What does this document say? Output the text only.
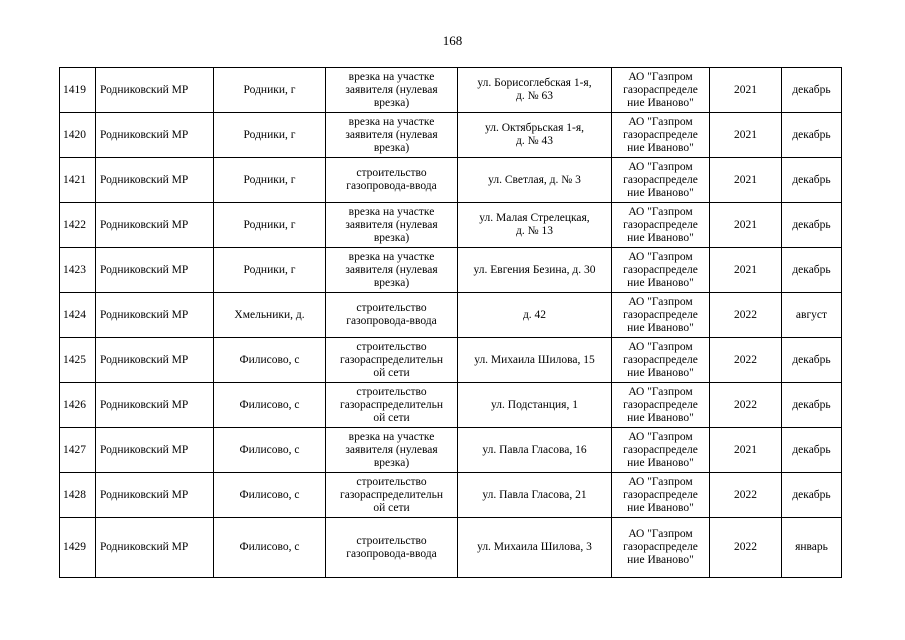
168
1419	Родниковский МР	Родники, г	врезка на участке
заявителя (нулевая
врезка)	ул. Борисоглебская 1-я,
д. № 63	АО "Газпром
газораспределе
ние Иваново"	2021	декабрь
1420	Родниковский МР	Родники, г	врезка на участке
заявителя (нулевая
врезка)	ул. Октябрьская 1-я,
д. № 43	АО "Газпром
газораспределе
ние Иваново"	2021	декабрь
1421	Родниковский МР	Родники, г	строительство
газопровода-ввода	ул. Светлая, д. № 3	АО "Газпром
газораспределе
ние Иваново"	2021	декабрь
1422	Родниковский МР	Родники, г	врезка на участке
заявителя (нулевая
врезка)	ул. Малая Стрелецкая,
д. № 13	АО "Газпром
газораспределе
ние Иваново"	2021	декабрь
1423	Родниковский МР	Родники, г	врезка на участке
заявителя (нулевая
врезка)	ул. Евгения Безина, д. 30	АО "Газпром
газораспределе
ние Иваново"	2021	декабрь
1424	Родниковский МР	Хмельники, д.	строительство
газопровода-ввода	д. 42	АО "Газпром
газораспределе
ние Иваново"	2022	август
1425	Родниковский МР	Филисово, с	строительство
газораспределительн
ой сети	ул. Михаила Шилова, 15	АО "Газпром
газораспределе
ние Иваново"	2022	декабрь
1426	Родниковский МР	Филисово, с	строительство
газораспределительн
ой сети	ул. Подстанция, 1	АО "Газпром
газораспределе
ние Иваново"	2022	декабрь
1427	Родниковский МР	Филисово, с	врезка на участке
заявителя (нулевая
врезка)	ул. Павла Гласова, 16	АО "Газпром
газораспределе
ние Иваново"	2021	декабрь
1428	Родниковский МР	Филисово, с	строительство
газораспределительн
ой сети	ул. Павла Гласова, 21	АО "Газпром
газораспределе
ние Иваново"	2022	декабрь
1429	Родниковский МР	Филисово, с	строительство
газопровода-ввода	ул. Михаила Шилова, 3	АО "Газпром
газораспределе
ние Иваново"	2022	январь
